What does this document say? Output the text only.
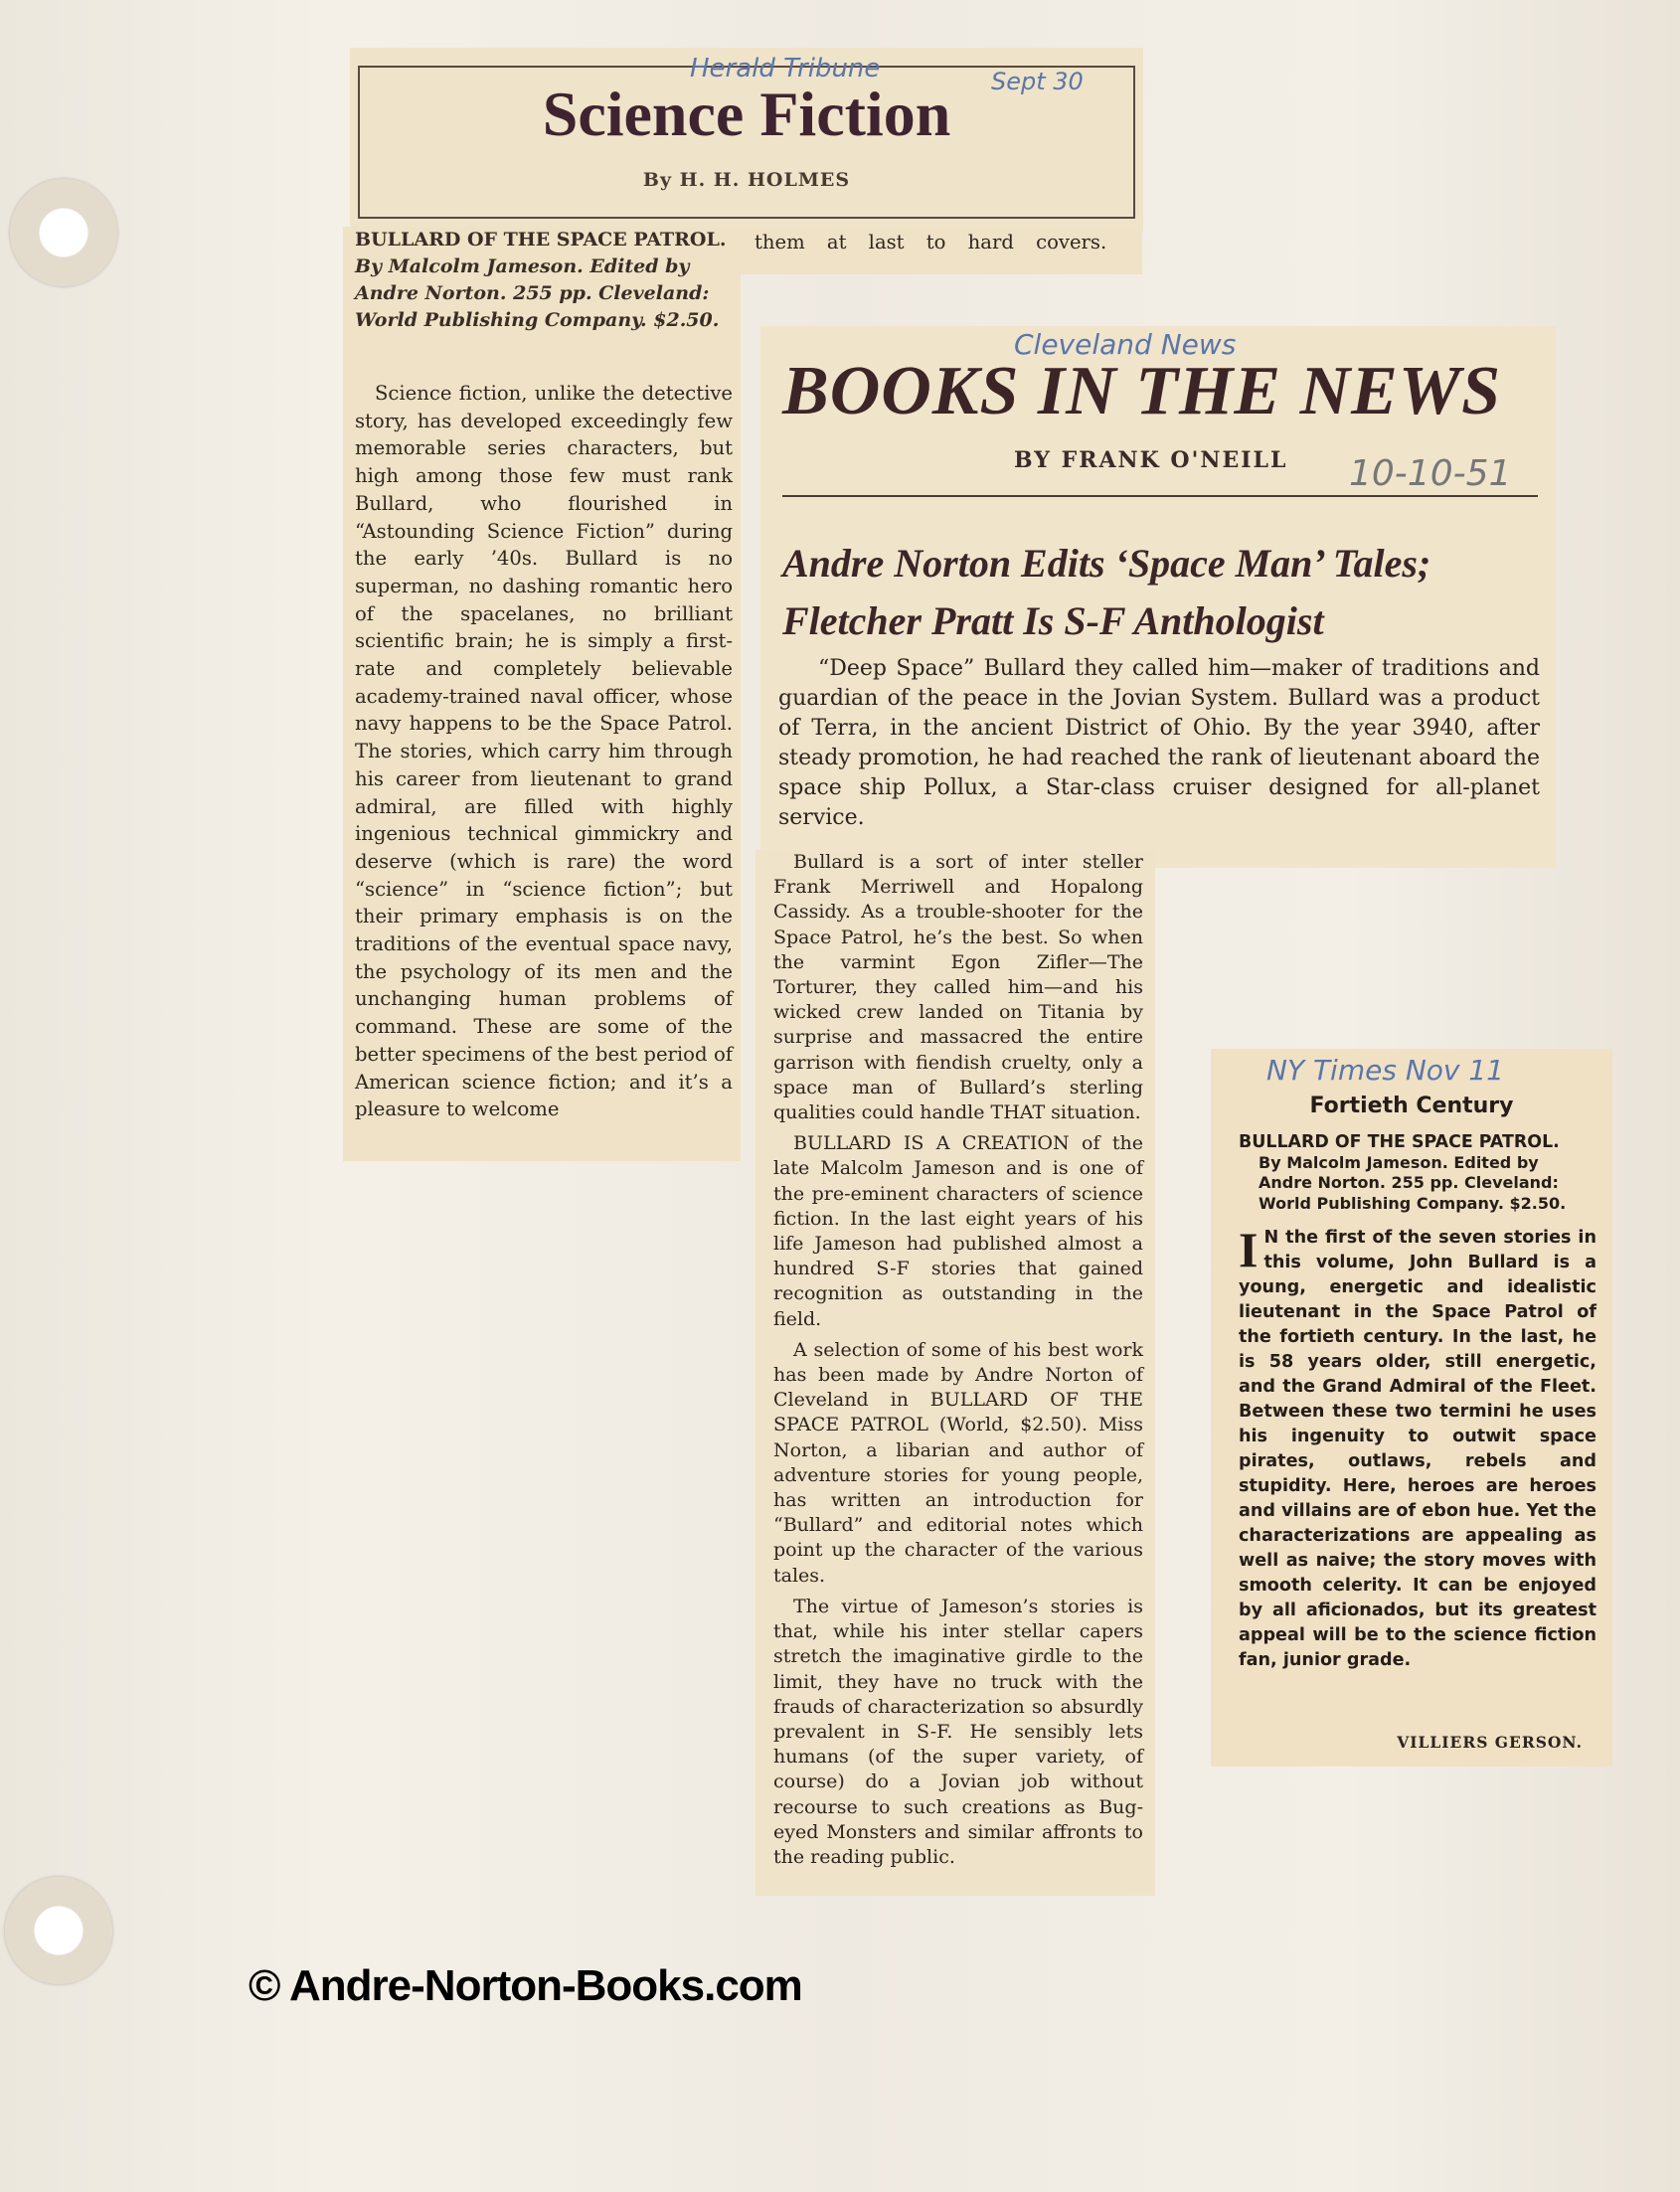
Herald Tribune	Sept 30
Science Fiction
By H. H. HOLMES
them at last to hard covers.
BULLARD OF THE SPACE PATROL.
By Malcolm Jameson. Edited by Andre Norton. 255 pp. Cleveland: World Publishing Company. $2.50.
Science fiction, unlike the detective story, has developed exceedingly few memorable series characters, but high among those few must rank Bullard, who flourished in “Astounding Science Fiction” during the early ’40s. Bullard is no superman, no dashing romantic hero of the spacelanes, no brilliant scientific brain; he is simply a first-rate and completely believable academy-trained naval officer, whose navy happens to be the Space Patrol. The stories, which carry him through his career from lieutenant to grand admiral, are filled with highly ingenious technical gimmickry and deserve (which is rare) the word “science” in “science fiction”; but their primary emphasis is on the traditions of the eventual space navy, the psychology of its men and the unchanging human problems of command. These are some of the better specimens of the best period of American science fiction; and it’s a pleasure to welcome
Cleveland News
BOOKS IN THE NEWS
BY FRANK O'NEILL 10-10-51
Andre Norton Edits ‘Space Man’ Tales; Fletcher Pratt Is S-F Anthologist

“Deep Space” Bullard they called him—maker of traditions and guardian of the peace in the Jovian System. Bullard was a product of Terra, in the ancient District of Ohio. By the year 3940, after steady promotion, he had reached the rank of lieutenant aboard the space ship Pollux, a Star-class cruiser designed for all-planet service.

Bullard is a sort of inter steller Frank Merriwell and Hopalong Cassidy. As a trouble-shooter for the Space Patrol, he’s the best. So when the varmint Egon Zifler—The Torturer, they called him—and his wicked crew landed on Titania by surprise and massacred the entire garrison with fiendish cruelty, only a space man of Bullard’s sterling qualities could handle THAT situation.

BULLARD IS A CREATION of the late Malcolm Jameson and is one of the pre-eminent characters of science fiction. In the last eight years of his life Jameson had published almost a hundred S-F stories that gained recognition as outstanding in the field.

A selection of some of his best work has been made by Andre Norton of Cleveland in BULLARD OF THE SPACE PATROL (World, $2.50). Miss Norton, a libarian and author of adventure stories for young people, has written an introduction for “Bullard” and editorial notes which point up the character of the various tales.

The virtue of Jameson’s stories is that, while his inter stellar capers stretch the imaginative girdle to the limit, they have no truck with the frauds of characterization so absurdly prevalent in S-F. He sensibly lets humans (of the super variety, of course) do a Jovian job without recourse to such creations as Bug-eyed Monsters and similar affronts to the reading public.

NY Times Nov 11
Fortieth Century
BULLARD OF THE SPACE PATROL.
By Malcolm Jameson. Edited by Andre Norton. 255 pp. Cleveland: World Publishing Company. $2.50.
I N the first of the seven stories in this volume, John Bullard is a young, energetic and idealistic lieutenant in the Space Patrol of the fortieth century. In the last, he is 58 years older, still energetic, and the Grand Admiral of the Fleet. Between these two termini he uses his ingenuity to outwit space pirates, outlaws, rebels and stupidity. Here, heroes are heroes and villains are of ebon hue. Yet the characterizations are appealing as well as naive; the story moves with smooth celerity. It can be enjoyed by all aficionados, but its greatest appeal will be to the science fiction fan, junior grade.
VILLIERS GERSON.
© Andre-Norton-Books.com
